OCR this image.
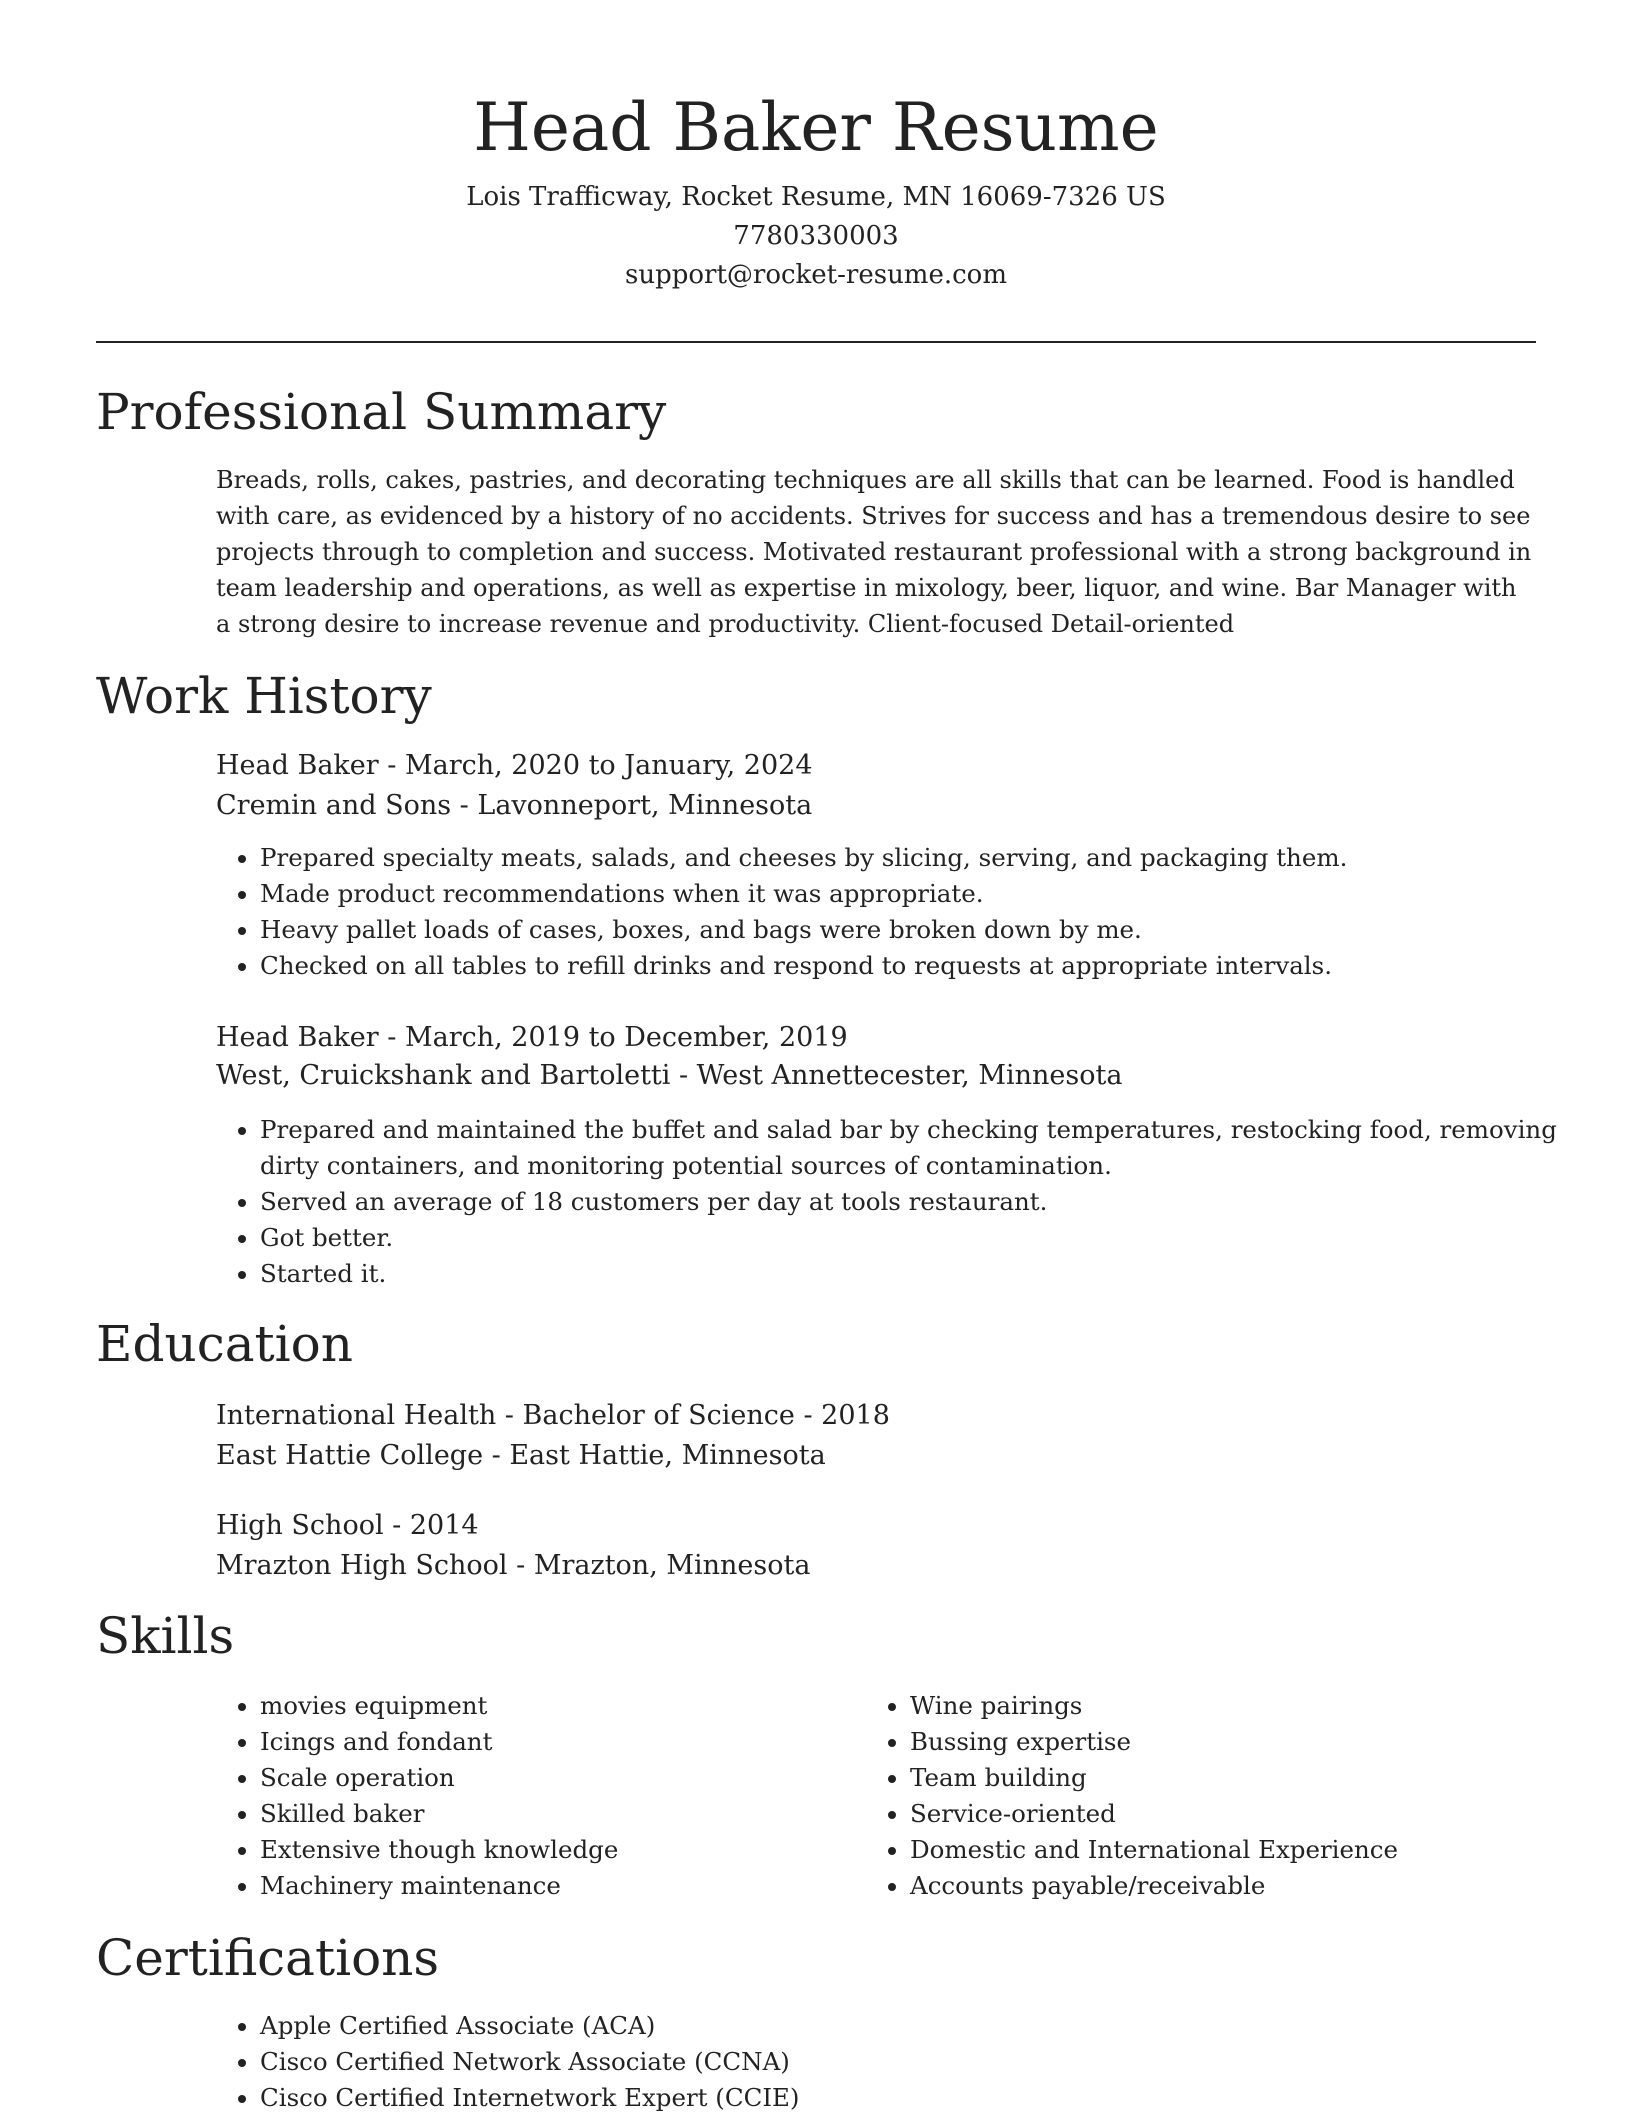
Head Baker Resume
Lois Trafficway, Rocket Resume, MN 16069-7326 US
7780330003
support@rocket-resume.com
Professional Summary
Breads, rolls, cakes, pastries, and decorating techniques are all skills that can be learned. Food is handled with care, as evidenced by a history of no accidents. Strives for success and has a tremendous desire to see projects through to completion and success. Motivated restaurant professional with a strong background in team leadership and operations, as well as expertise in mixology, beer, liquor, and wine. Bar Manager with a strong desire to increase revenue and productivity. Client-focused Detail-oriented
Work History
Head Baker - March, 2020 to January, 2024
Cremin and Sons - Lavonneport, Minnesota
• Prepared specialty meats, salads, and cheeses by slicing, serving, and packaging them.
• Made product recommendations when it was appropriate.
• Heavy pallet loads of cases, boxes, and bags were broken down by me.
• Checked on all tables to refill drinks and respond to requests at appropriate intervals.
Head Baker - March, 2019 to December, 2019
West, Cruickshank and Bartoletti - West Annettecester, Minnesota
• Prepared and maintained the buffet and salad bar by checking temperatures, restocking food, removing dirty containers, and monitoring potential sources of contamination.
• Served an average of 18 customers per day at tools restaurant.
• Got better.
• Started it.
Education
International Health - Bachelor of Science - 2018
East Hattie College - East Hattie, Minnesota
High School - 2014
Mrazton High School - Mrazton, Minnesota
Skills
• movies equipment
• Icings and fondant
• Scale operation
• Skilled baker
• Extensive though knowledge
• Machinery maintenance
• Wine pairings
• Bussing expertise
• Team building
• Service-oriented
• Domestic and International Experience
• Accounts payable/receivable
Certifications
• Apple Certified Associate (ACA)
• Cisco Certified Network Associate (CCNA)
• Cisco Certified Internetwork Expert (CCIE)
